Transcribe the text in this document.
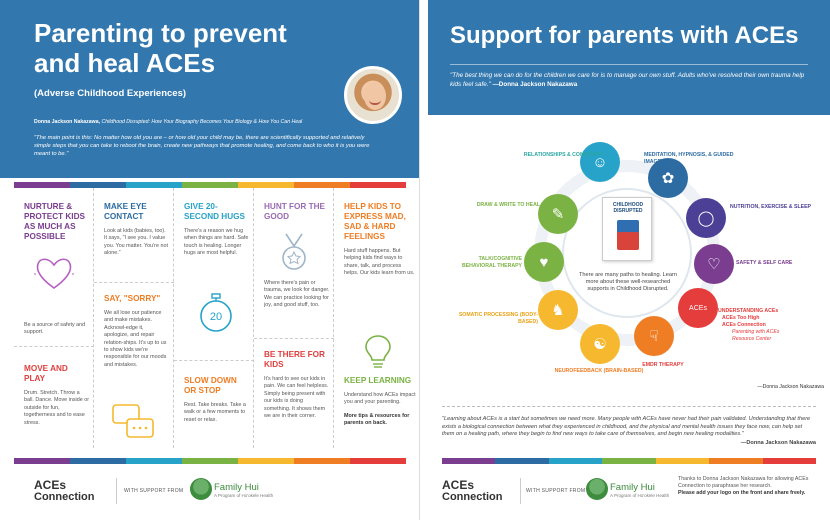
Parenting to prevent and heal ACEs
(Adverse Childhood Experiences)
Donna Jackson Nakazawa, Childhood Disrupted: How Your Biography Becomes Your Biology & How You Can Heal
"The main point is this: No matter how old you are – or how old your child may be, there are scientifically supported and relatively simple steps that you can take to reboot the brain, create new pathways that promote healing, and come back to who it is you were meant to be."
NURTURE & PROTECT KIDS AS MUCH AS POSSIBLE
Be a source of safety and support.
MOVE AND PLAY
Drum. Stretch. Throw a ball. Dance. Move inside or outside for fun, togetherness and to ease stress.
MAKE EYE CONTACT
Look at kids (babies, too). It says, "I see you. I value you. You matter. You're not alone."
SAY, "SORRY"
We all lose our patience and make mistakes. Acknowl-edge it, apologize, and repair relation-ships. It's up to us to show kids we're responsible for our moods and mistakes.
GIVE 20-SECOND HUGS
There's a reason we hug when things are hard. Safe touch is healing. Longer hugs are most helpful.
20
SLOW DOWN OR STOP
Rest. Take breaks. Take a walk or a few moments to reset or relax.
HUNT FOR THE GOOD
Where there's pain or trauma, we look for danger. We can practice looking for joy, and good stuff, too.
BE THERE FOR KIDS
It's hard to see our kids in pain. We can feel helpless. Simply being present with our kids is doing something. It shows them we are in their corner.
HELP KIDS TO EXPRESS MAD, SAD & HARD FEELINGS
Hard stuff happens. But helping kids find ways to share, talk, and process helps. Our kids learn from us.
KEEP LEARNING
Understand how ACEs impact you and your parenting.
More tips & resources for parents on back.
ACEs
Connection	WITH SUPPORT FROM	Family Hui
A Program of Ho'okele Health
Support for parents with ACEs
"The best thing we can do for the children we care for is to manage our own stuff. Adults who've resolved their own trauma help kids feel safe." —Donna Jackson Nakazawa
CHILDHOOD DISRUPTED
There are many paths to healing. Learn more about these well-researched supports in Childhood Disrupted.
☺
✿
◯
♡
ACEs
☟
☯
♞
♥
✎
RELATIONSHIPS & COMMUNITY	MEDITATION, HYPNOSIS, & GUIDED IMAGERY
DRAW & WRITE TO HEAL	NUTRITION, EXERCISE & SLEEP
TALK/COGNITIVE BEHAVIORAL THERAPY	SAFETY & SELF CARE
SOMATIC PROCESSING (BODY-BASED)
UNDERSTANDING ACEs
ACEs Too High
ACEs Connection
Parenting with ACEs
Resource Center
NEUROFEEDBACK (BRAIN-BASED)
EMDR THERAPY
—Donna Jackson Nakazawa
"Learning about ACEs is a start but sometimes we need more. Many people with ACEs have never had their pain validated. Understanding that there exists a biological connection between what they experienced in childhood, and the physical and mental health issues they face now, can help set them on a healing path, where they begin to find new ways to take care of themselves, and begin new healing modalities."
—Donna Jackson Nakazawa
ACEs
Connection	WITH SUPPORT FROM	Family Hui
A Program of Ho'okele Health
Thanks to Donna Jackson Nakazawa for allowing ACEs Connection to paraphrase her research.
Please add your logo on the front and share freely.
